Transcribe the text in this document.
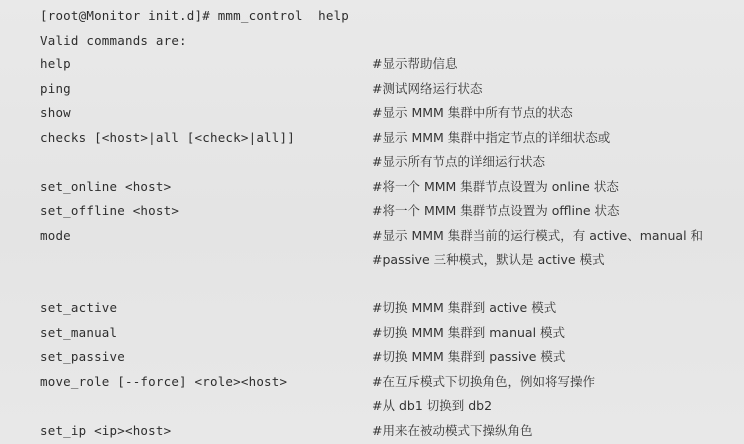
[root@Monitor init.d]# mmm_control  help
Valid commands are:
help	#显示帮助信息
ping	#测试网络运行状态
show	#显示 MMM 集群中所有节点的状态
checks [<host>|all [<check>|all]]	#显示 MMM 集群中指定节点的详细状态或
#显示所有节点的详细运行状态
set_online <host>	#将一个 MMM 集群节点设置为 online 状态
set_offline <host>	#将一个 MMM 集群节点设置为 offline 状态
mode	#显示 MMM 集群当前的运行模式，有 active、manual 和
#passive 三种模式，默认是 active 模式
set_active	#切换 MMM 集群到 active 模式
set_manual	#切换 MMM 集群到 manual 模式
set_passive	#切换 MMM 集群到 passive 模式
move_role [--force] <role><host>	#在互斥模式下切换角色，例如将写操作
#从 db1 切换到 db2
set_ip <ip><host>	#用来在被动模式下操纵角色
